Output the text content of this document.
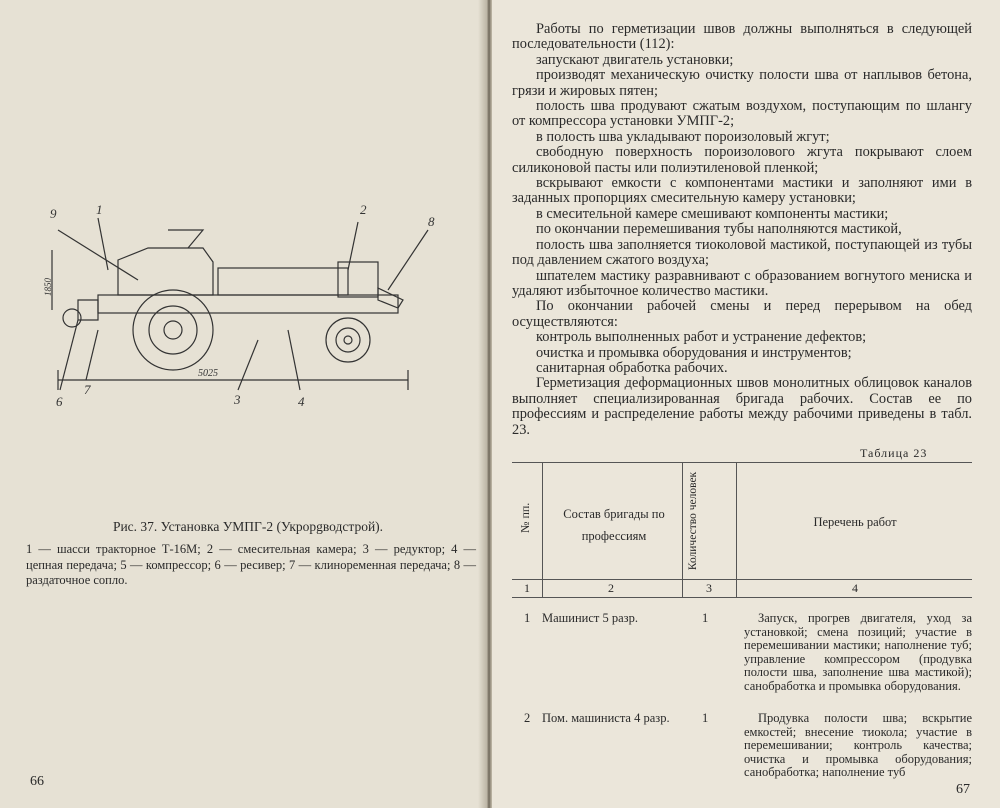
9	1	2
8
6
7
3	4
5025
1850
Рис. 37. Установка УМПГ-2 (Укрорgводстрой).
1 — шасси тракторное Т-16М; 2 — смесительная камера; 3 — редуктор; 4 — цепная передача; 5 — компрессор; 6 — ресивер; 7 — клиноременная передача; 8 — раздаточное сопло.
66
67

Работы по герметизации швов должны выполняться в следующей последовательности (112):

запускают двигатель установки;

производят механическую очистку полости шва от наплывов бетона, грязи и жировых пятен;

полость шва продувают сжатым воздухом, поступающим по шлангу от компрессора установки УМПГ-2;

в полость шва укладывают пороизоловый жгут;

свободную поверхность пороизолового жгута покрывают слоем силиконовой пасты или полиэтиленовой пленкой;

вскрывают емкости с компонентами мастики и заполняют ими в заданных пропорциях смесительную камеру установки;

в смесительной камере смешивают компоненты мастики;

по окончании перемешивания тубы наполняются мастикой,

полость шва заполняется тиоколовой мастикой, поступающей из тубы под давлением сжатого воздуха;

шпателем мастику разравнивают с образованием вогнутого мениска и удаляют избыточное количество мастики.

По окончании рабочей смены и перед перерывом на обед осуществляются:

контроль выполненных работ и устранение дефектов;

очистка и промывка оборудования и инструментов;

санитарная обработка рабочих.

Герметизация деформационных швов монолитных облицовок каналов выполняет специализированная бригада рабочих. Состав ее по профессиям и распределение работы между рабочими приведены в табл. 23.

Таблица 23
№ пп.	Состав бригады по профессиям	Количество человек	Перечень работ
1	2	3	4
1 Машинист 5 разр.	1	Запуск, прогрев двигателя, уход за установкой; смена позиций; участие в перемешивании мастики; наполнение туб; управление компрессором (продувка полости шва, заполнение шва мастикой); санобработка и промывка оборудования.
2 Пом. машиниста 4 разр.	1	Продувка полости шва; вскрытие емкостей; внесение тиокола; участие в перемешивании; контроль качества; очистка и промывка оборудования; санобработка; наполнение туб
